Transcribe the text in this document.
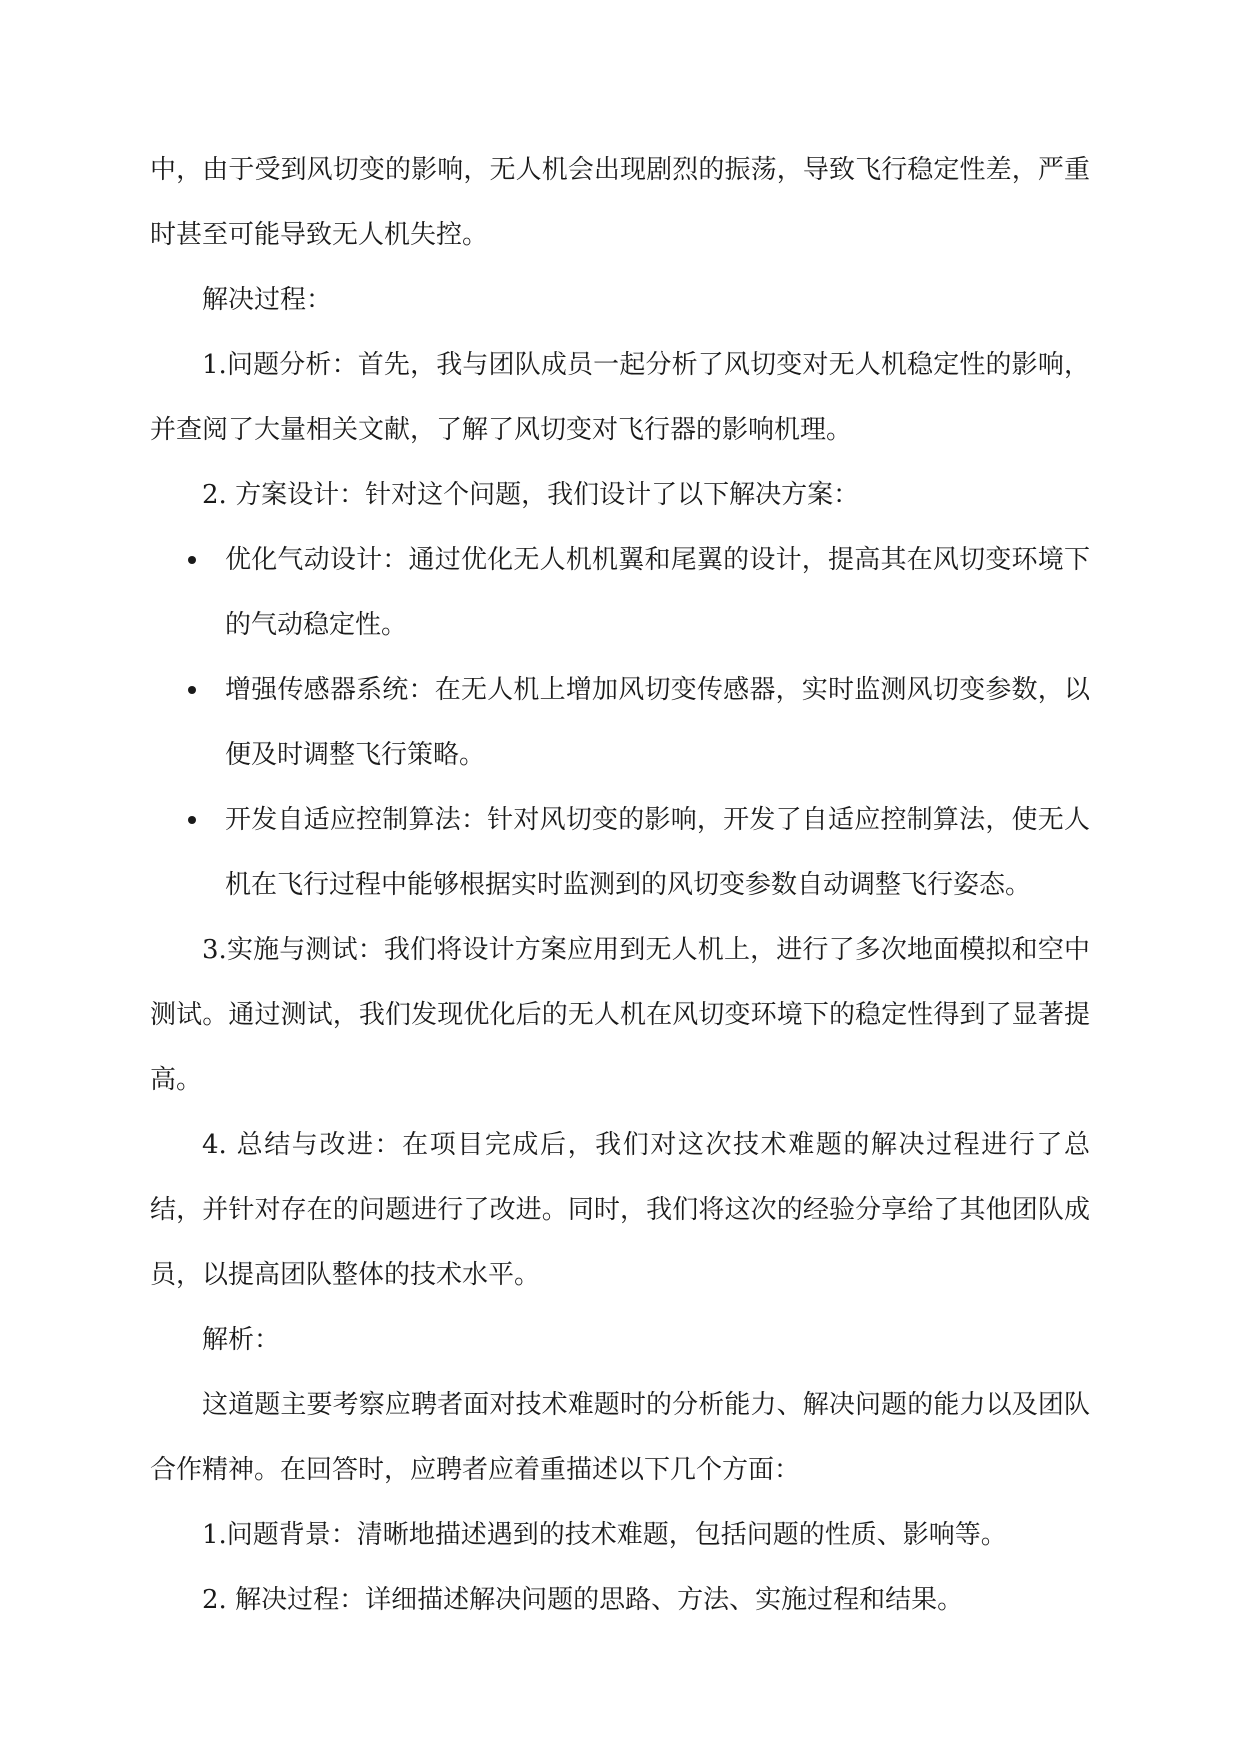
中，由于受到风切变的影响，无人机会出现剧烈的振荡，导致飞行稳定性差，严重时甚至可能导致无人机失控。

解决过程：

1.问题分析：首先，我与团队成员一起分析了风切变对无人机稳定性的影响，并查阅了大量相关文献，了解了风切变对飞行器的影响机理。

2. 方案设计：针对这个问题，我们设计了以下解决方案：

优化气动设计：通过优化无人机机翼和尾翼的设计，提高其在风切变环境下的气动稳定性。
增强传感器系统：在无人机上增加风切变传感器，实时监测风切变参数，以便及时调整飞行策略。
开发自适应控制算法：针对风切变的影响，开发了自适应控制算法，使无人机在飞行过程中能够根据实时监测到的风切变参数自动调整飞行姿态。

3.实施与测试：我们将设计方案应用到无人机上，进行了多次地面模拟和空中测试。通过测试，我们发现优化后的无人机在风切变环境下的稳定性得到了显著提高。

4. 总结与改进：在项目完成后，我们对这次技术难题的解决过程进行了总结，并针对存在的问题进行了改进。同时，我们将这次的经验分享给了其他团队成员，以提高团队整体的技术水平。

解析：

这道题主要考察应聘者面对技术难题时的分析能力、解决问题的能力以及团队合作精神。在回答时，应聘者应着重描述以下几个方面：

1.问题背景：清晰地描述遇到的技术难题，包括问题的性质、影响等。

2. 解决过程：详细描述解决问题的思路、方法、实施过程和结果。
